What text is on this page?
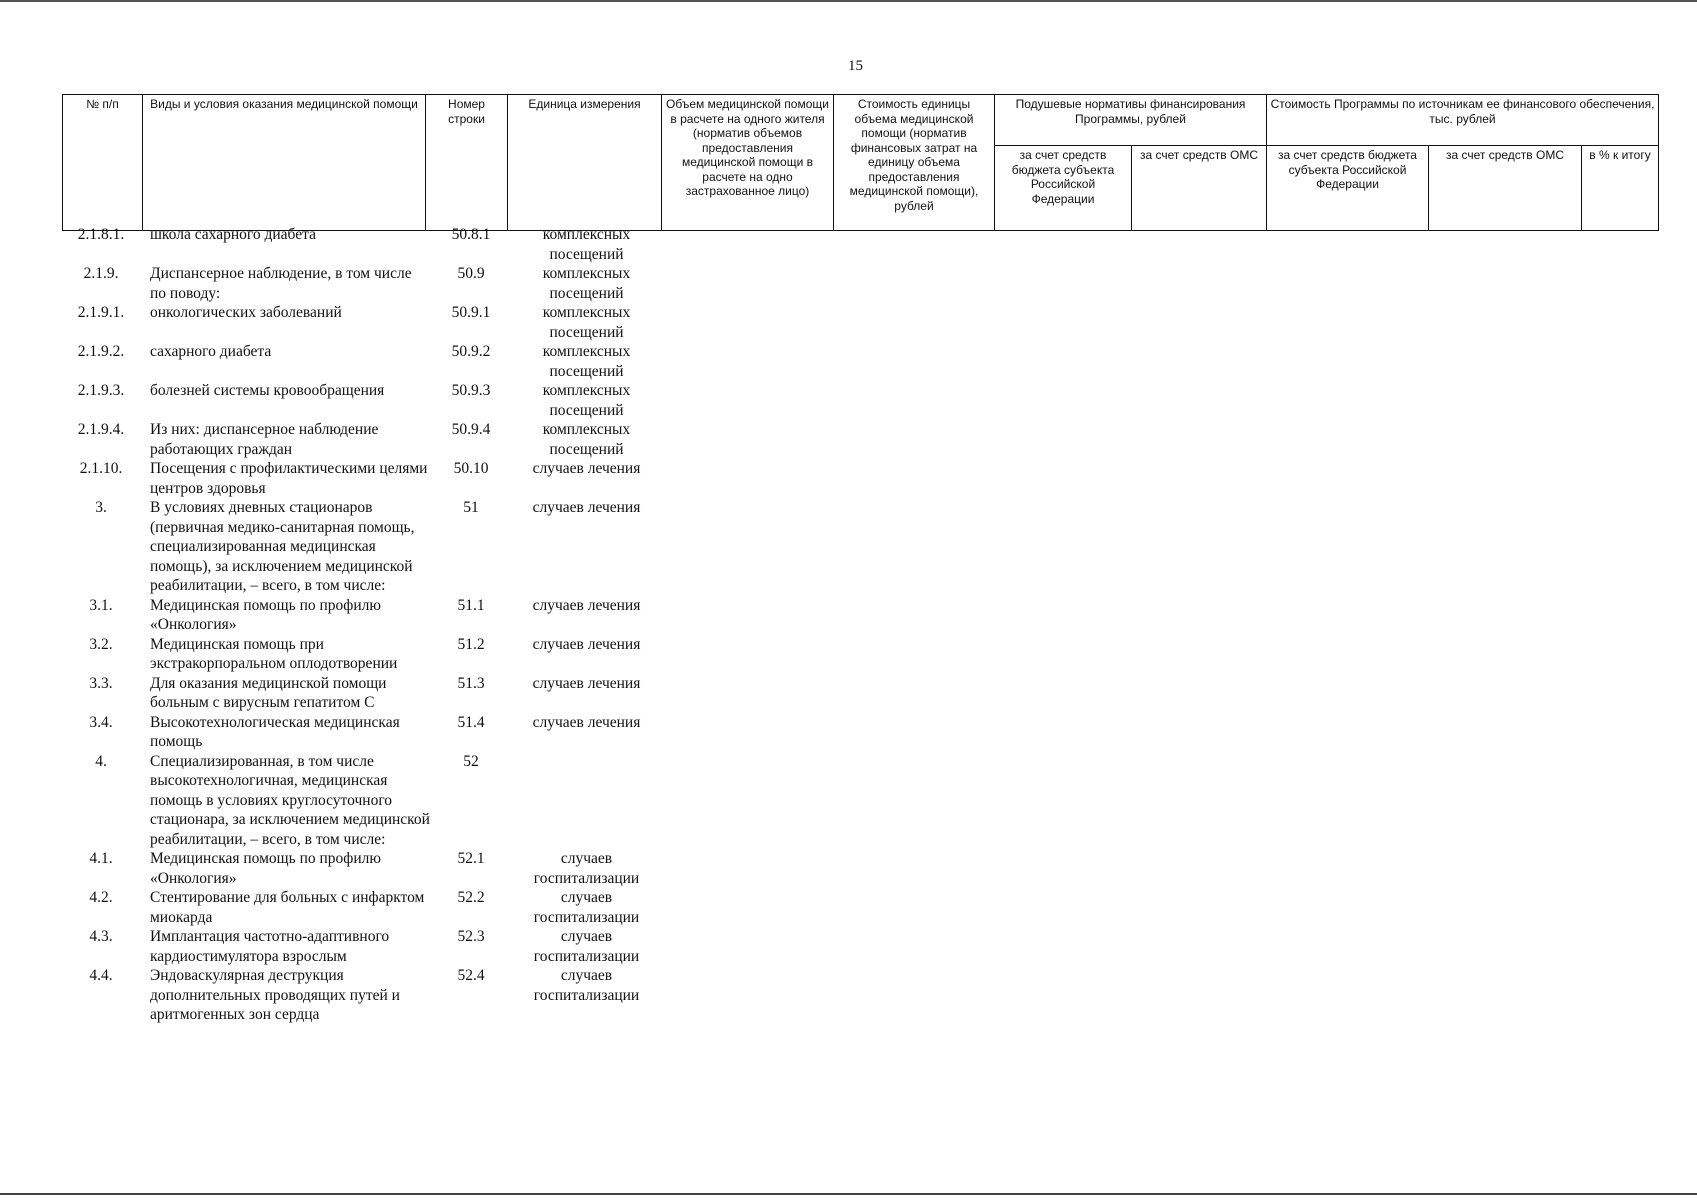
15
№ п/п	Виды и условия оказания медицинской помощи	Номер строки	Единица измерения	Объем медицинской помощи в расчете на одного жителя (норматив объемов предоставления медицинской помощи в расчете на одно застрахованное лицо)	Стоимость единицы объема медицинской помощи (норматив финансовых затрат на единицу объема предоставления медицинской помощи), рублей	Подушевые нормативы финансирования Программы, рублей		Стоимость Программы по источникам ее финансового обеспечения, тыс. рублей		
						за счет средств бюджета субъекта Российской Федерации	за счет средств ОМС	за счет средств бюджета субъекта Российской Федерации	за счет средств ОМС	в % к итогу
2.1.8.1.	школа сахарного диабета	50.8.1	комплексных посещений
2.1.9.	Диспансерное наблюдение, в том числе по поводу:	50.9	комплексных посещений
2.1.9.1.	онкологических заболеваний	50.9.1	комплексных посещений
2.1.9.2.	сахарного диабета	50.9.2	комплексных посещений
2.1.9.3.	болезней системы кровообращения	50.9.3	комплексных посещений
2.1.9.4.	Из них: диспансерное наблюдение работающих граждан	50.9.4	комплексных посещений
2.1.10.	Посещения с профилактическими целями центров здоровья	50.10	случаев лечения
3.	В условиях дневных стационаров (первичная медико-санитарная помощь, специализированная медицинская помощь), за исключением медицинской реабилитации, – всего, в том числе:	51	случаев лечения
3.1.	Медицинская помощь по профилю «Онкология»	51.1	случаев лечения
3.2.	Медицинская помощь при экстракорпоральном оплодотворении	51.2	случаев лечения
3.3.	Для оказания медицинской помощи больным с вирусным гепатитом С	51.3	случаев лечения
3.4.	Высокотехнологическая медицинская помощь	51.4	случаев лечения
4.	Специализированная, в том числе высокотехнологичная, медицинская помощь в условиях круглосуточного стационара, за исключением медицинской реабилитации, – всего, в том числе:	52	
4.1.	Медицинская помощь по профилю «Онкология»	52.1	случаев госпитализации
4.2.	Стентирование для больных с инфарктом миокарда	52.2	случаев госпитализации
4.3.	Имплантация частотно-адаптивного кардиостимулятора взрослым	52.3	случаев госпитализации
4.4.	Эндоваскулярная деструкция дополнительных проводящих путей и аритмогенных зон сердца	52.4	случаев госпитализации
